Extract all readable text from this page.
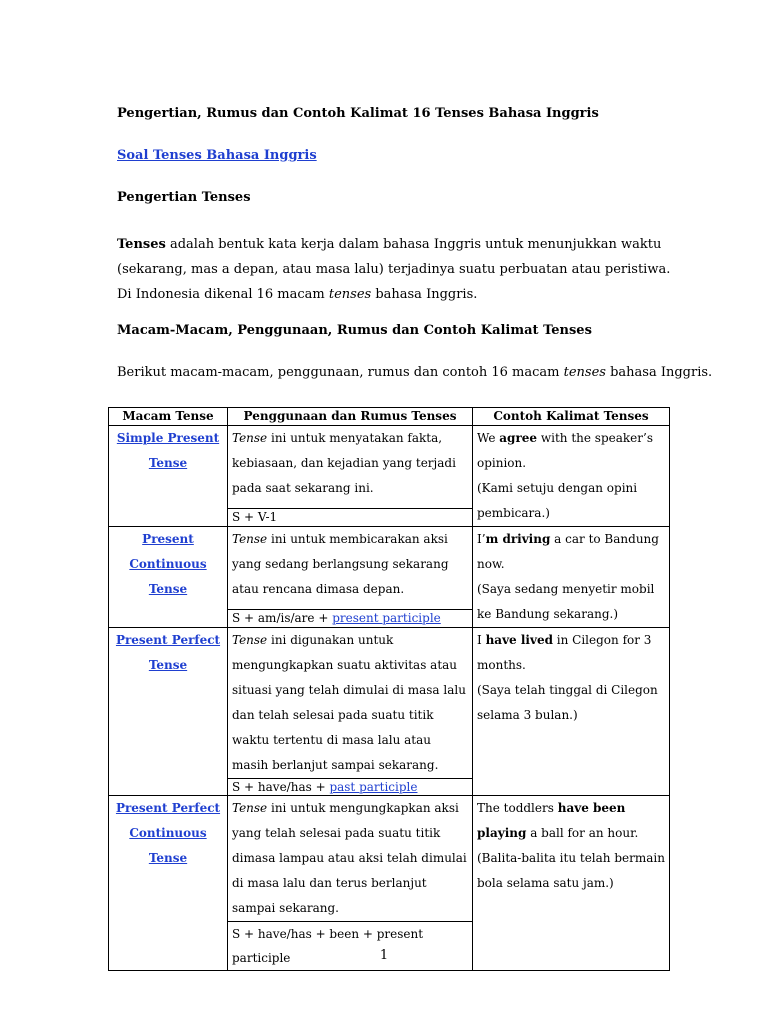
Pengertian, Rumus dan Contoh Kalimat 16 Tenses Bahasa Inggris
Soal Tenses Bahasa Inggris
Pengertian Tenses
Tenses adalah bentuk kata kerja dalam bahasa Inggris untuk menunjukkan waktu (sekarang, mas a depan, atau masa lalu) terjadinya suatu perbuatan atau peristiwa. Di Indonesia dikenal 16 macam tenses bahasa Inggris.
Macam-Macam, Penggunaan, Rumus dan Contoh Kalimat Tenses
Berikut macam-macam, penggunaan, rumus dan contoh 16 macam tenses bahasa Inggris.
Macam Tense	Penggunaan dan Rumus Tenses	Contoh Kalimat Tenses
Simple Present Tense	Tense ini untuk menyatakan fakta, kebiasaan, dan kejadian yang terjadi pada saat sekarang ini.	We agree with the speaker’s opinion.
(Kami setuju dengan opini pembicara.)
	S + V-1	
Present Continuous Tense	Tense ini untuk membicarakan aksi yang sedang berlangsung sekarang atau rencana dimasa depan.	I’m driving a car to Bandung now.
(Saya sedang menyetir mobil ke Bandung sekarang.)
	S + am/is/are + present participle	
Present Perfect Tense	Tense ini digunakan untuk mengungkapkan suatu aktivitas atau situasi yang telah dimulai di masa lalu dan telah selesai pada suatu titik waktu tertentu di masa lalu atau masih berlanjut sampai sekarang.	I have lived in Cilegon for 3 months.
(Saya telah tinggal di Cilegon selama 3 bulan.)
	S + have/has + past participle	
Present Perfect Continuous Tense	Tense ini untuk mengungkapkan aksi yang telah selesai pada suatu titik dimasa lampau atau aksi telah dimulai di masa lalu dan terus berlanjut sampai sekarang.	The toddlers have been playing a ball for an hour.
(Balita-balita itu telah bermain bola selama satu jam.)
	S + have/has + been + present participle		1
